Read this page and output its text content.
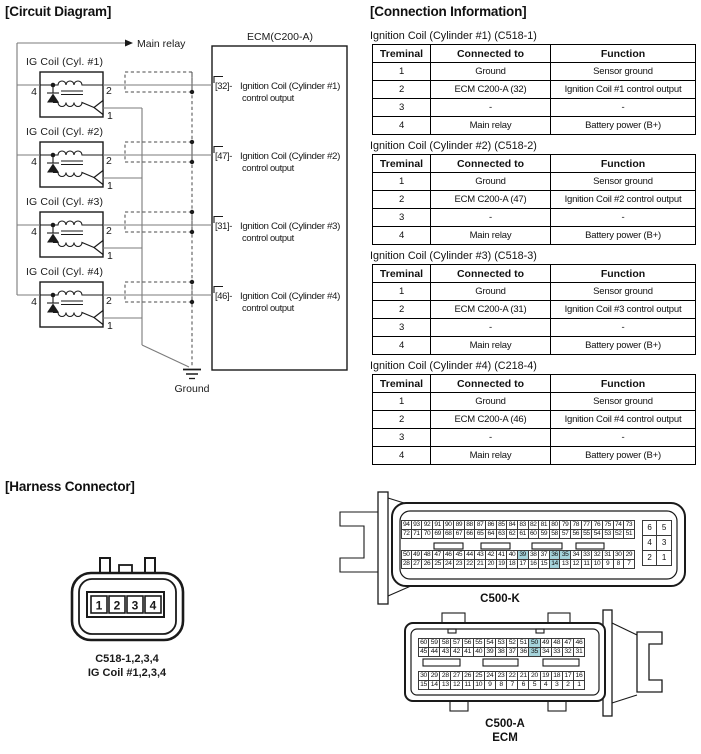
[Circuit Diagram]	[Connection Information]
[Harness Connector]
Main relay
ECM(C200-A)
Ground
IG Coil (Cyl. #1)
4	2
1
[32]- Ignition Coil (Cylinder #1)
control output
IG Coil (Cyl. #2)
4	2
1
[47]- Ignition Coil (Cylinder #2)
control output
IG Coil (Cyl. #3)
4	2
1
[31]- Ignition Coil (Cylinder #3)
control output
IG Coil (Cyl. #4)
4	2
1
[46]- Ignition Coil (Cylinder #4)
control output
Ignition Coil (Cylinder #1) (C518-1)
Treminal	Connected to	Function
1	Ground	Sensor ground
2	ECM C200-A (32)	Ignition Coil #1 control output
3	-	-
4	Main relay	Battery power (B+)
Ignition Coil (Cylinder #2) (C518-2)
Treminal	Connected to	Function
1	Ground	Sensor ground
2	ECM C200-A (47)	Ignition Coil #2 control output
3	-	-
4	Main relay	Battery power (B+)
Ignition Coil (Cylinder #3) (C518-3)
Treminal	Connected to	Function
1	Ground	Sensor ground
2	ECM C200-A (31)	Ignition Coil #3 control output
3	-	-
4	Main relay	Battery power (B+)
Ignition Coil (Cylinder #4) (C218-4)
Treminal	Connected to	Function
1	Ground	Sensor ground
2	ECM C200-A (46)	Ignition Coil #4 control output
3	-	-
4	Main relay	Battery power (B+)
1 2 3 4
C518-1,2,3,4
IG Coil #1,2,3,4
94 93 92 91 90 89 88 87 86 85 84 83 82 81 80 79 78 77 76 75 74 73
72 71 70 69 68 67 66 65 64 63 62 61 60 59 58 57 56 55 54 53 52 51
50 49 48 47 46 45 44 43 42 41 40 39 38 37 36 35 34 33 32 31 30 29
28 27 26 25 24 23 22 21 20 19 18 17 16 15 14 13 12 11 10 9	8	7
6	5
4	3
2	1
C500-K
60 59 58 57 56 55 54 53 52 51 50 49 48 47 46
45 44 43 42 41 40 39 38 37 36 35 34 33 32 31
30 29 28 27 26 25 24 23 22 21 20 19 18 17 16
15 14 13 12 11 10 9	8	7	6	5	4	3	2	1
C500-A
ECM
